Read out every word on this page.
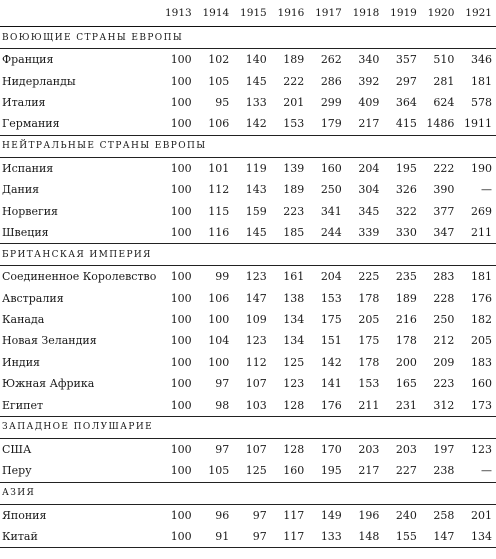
	1913	1914	1915	1916	1917	1918	1919	1920	1921
ВОЮЮЩИЕ СТРАНЫ ЕВРОПЫ									
Франция	100	102	140	189	262	340	357	510	346
Нидерланды	100	105	145	222	286	392	297	281	181
Италия	100	95	133	201	299	409	364	624	578
Германия	100	106	142	153	179	217	415	1486	1911
НЕЙТРАЛЬНЫЕ СТРАНЫ ЕВРОПЫ									
Испания	100	101	119	139	160	204	195	222	190
Дания	100	112	143	189	250	304	326	390	—
Норвегия	100	115	159	223	341	345	322	377	269
Швеция	100	116	145	185	244	339	330	347	211
БРИТАНСКАЯ ИМПЕРИЯ									
Соединенное Королевство	100	99	123	161	204	225	235	283	181
Австралия	100	106	147	138	153	178	189	228	176
Канада	100	100	109	134	175	205	216	250	182
Новая Зеландия	100	104	123	134	151	175	178	212	205
Индия	100	100	112	125	142	178	200	209	183
Южная Африка	100	97	107	123	141	153	165	223	160
Египет	100	98	103	128	176	211	231	312	173
ЗАПАДНОЕ ПОЛУШАРИЕ									
США	100	97	107	128	170	203	203	197	123
Перу	100	105	125	160	195	217	227	238	—
АЗИЯ									
Япония	100	96	97	117	149	196	240	258	201
Китай	100	91	97	117	133	148	155	147	134
